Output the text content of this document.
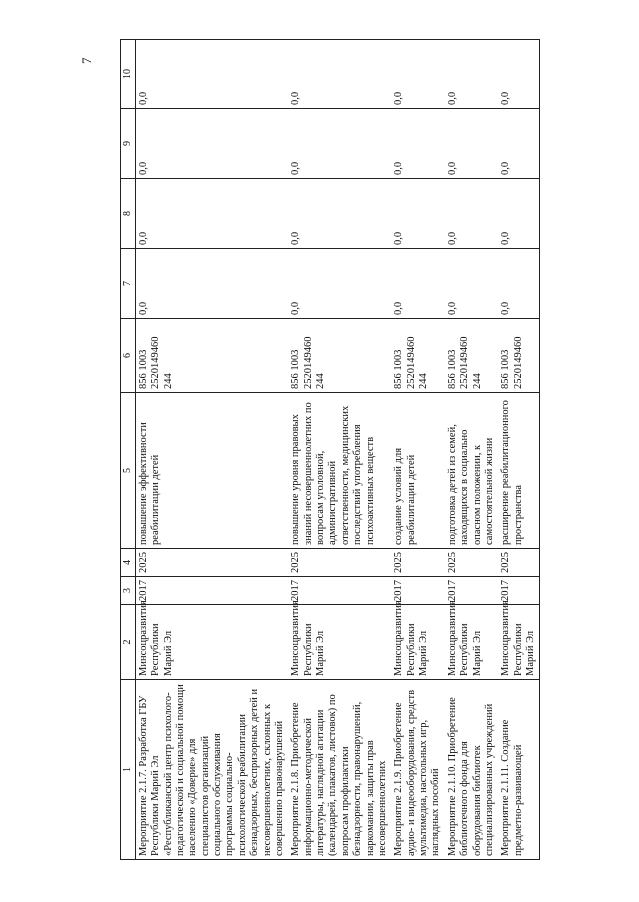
7
1	2	3	4	5	6	7	8	9	10
Мероприятие 2.1.7. Разработка ГБУ Республики Марий Эл «Республиканский центр психолого-педагогической и социальной помощи населению «Доверие» для специалистов организаций социального обслуживания программы социально-психологической реабилитации безнадзорных, беспризорных детей и несовершеннолетних, склонных к совершению правонарушений	Минсоцразвития Республики Марий Эл	2017	2025	повышение эффективности реабилитации детей	856 1003 2520149460 244	0,0	0,0	0,0	0,0
Мероприятие 2.1.8. Приобретение информационно-методической литературы, наглядной агитации (календарей, плакатов, листовок) по вопросам профилактики безнадзорности, правонарушений, наркомании, защиты прав несовершеннолетних	Минсоцразвития Республики Марий Эл	2017	2025	повышение уровня правовых знаний несовершеннолетних по вопросам уголовной, административной ответственности, медицинских последствий употребления психоактивных веществ	856 1003 2520149460 244	0,0	0,0	0,0	0,0
Мероприятие 2.1.9. Приобретение аудио- и видеооборудования, средств мультимедиа, настольных игр, наглядных пособий	Минсоцразвития Республики Марий Эл	2017	2025	создание условий для реабилитации детей	856 1003 2520149460 244	0,0	0,0	0,0	0,0
Мероприятие 2.1.10. Приобретение библиотечного фонда для оборудования библиотек специализированных учреждений	Минсоцразвития Республики Марий Эл	2017	2025	подготовка детей из семей, находящихся в социально опасном положении, к самостоятельной жизни	856 1003 2520149460 244	0,0	0,0	0,0	0,0
Мероприятие 2.1.11. Создание предметно-развивающей	Минсоцразвития Республики Марий Эл	2017	2025	расширение реабилитационного пространства	856 1003 2520149460	0,0	0,0	0,0	0,0
